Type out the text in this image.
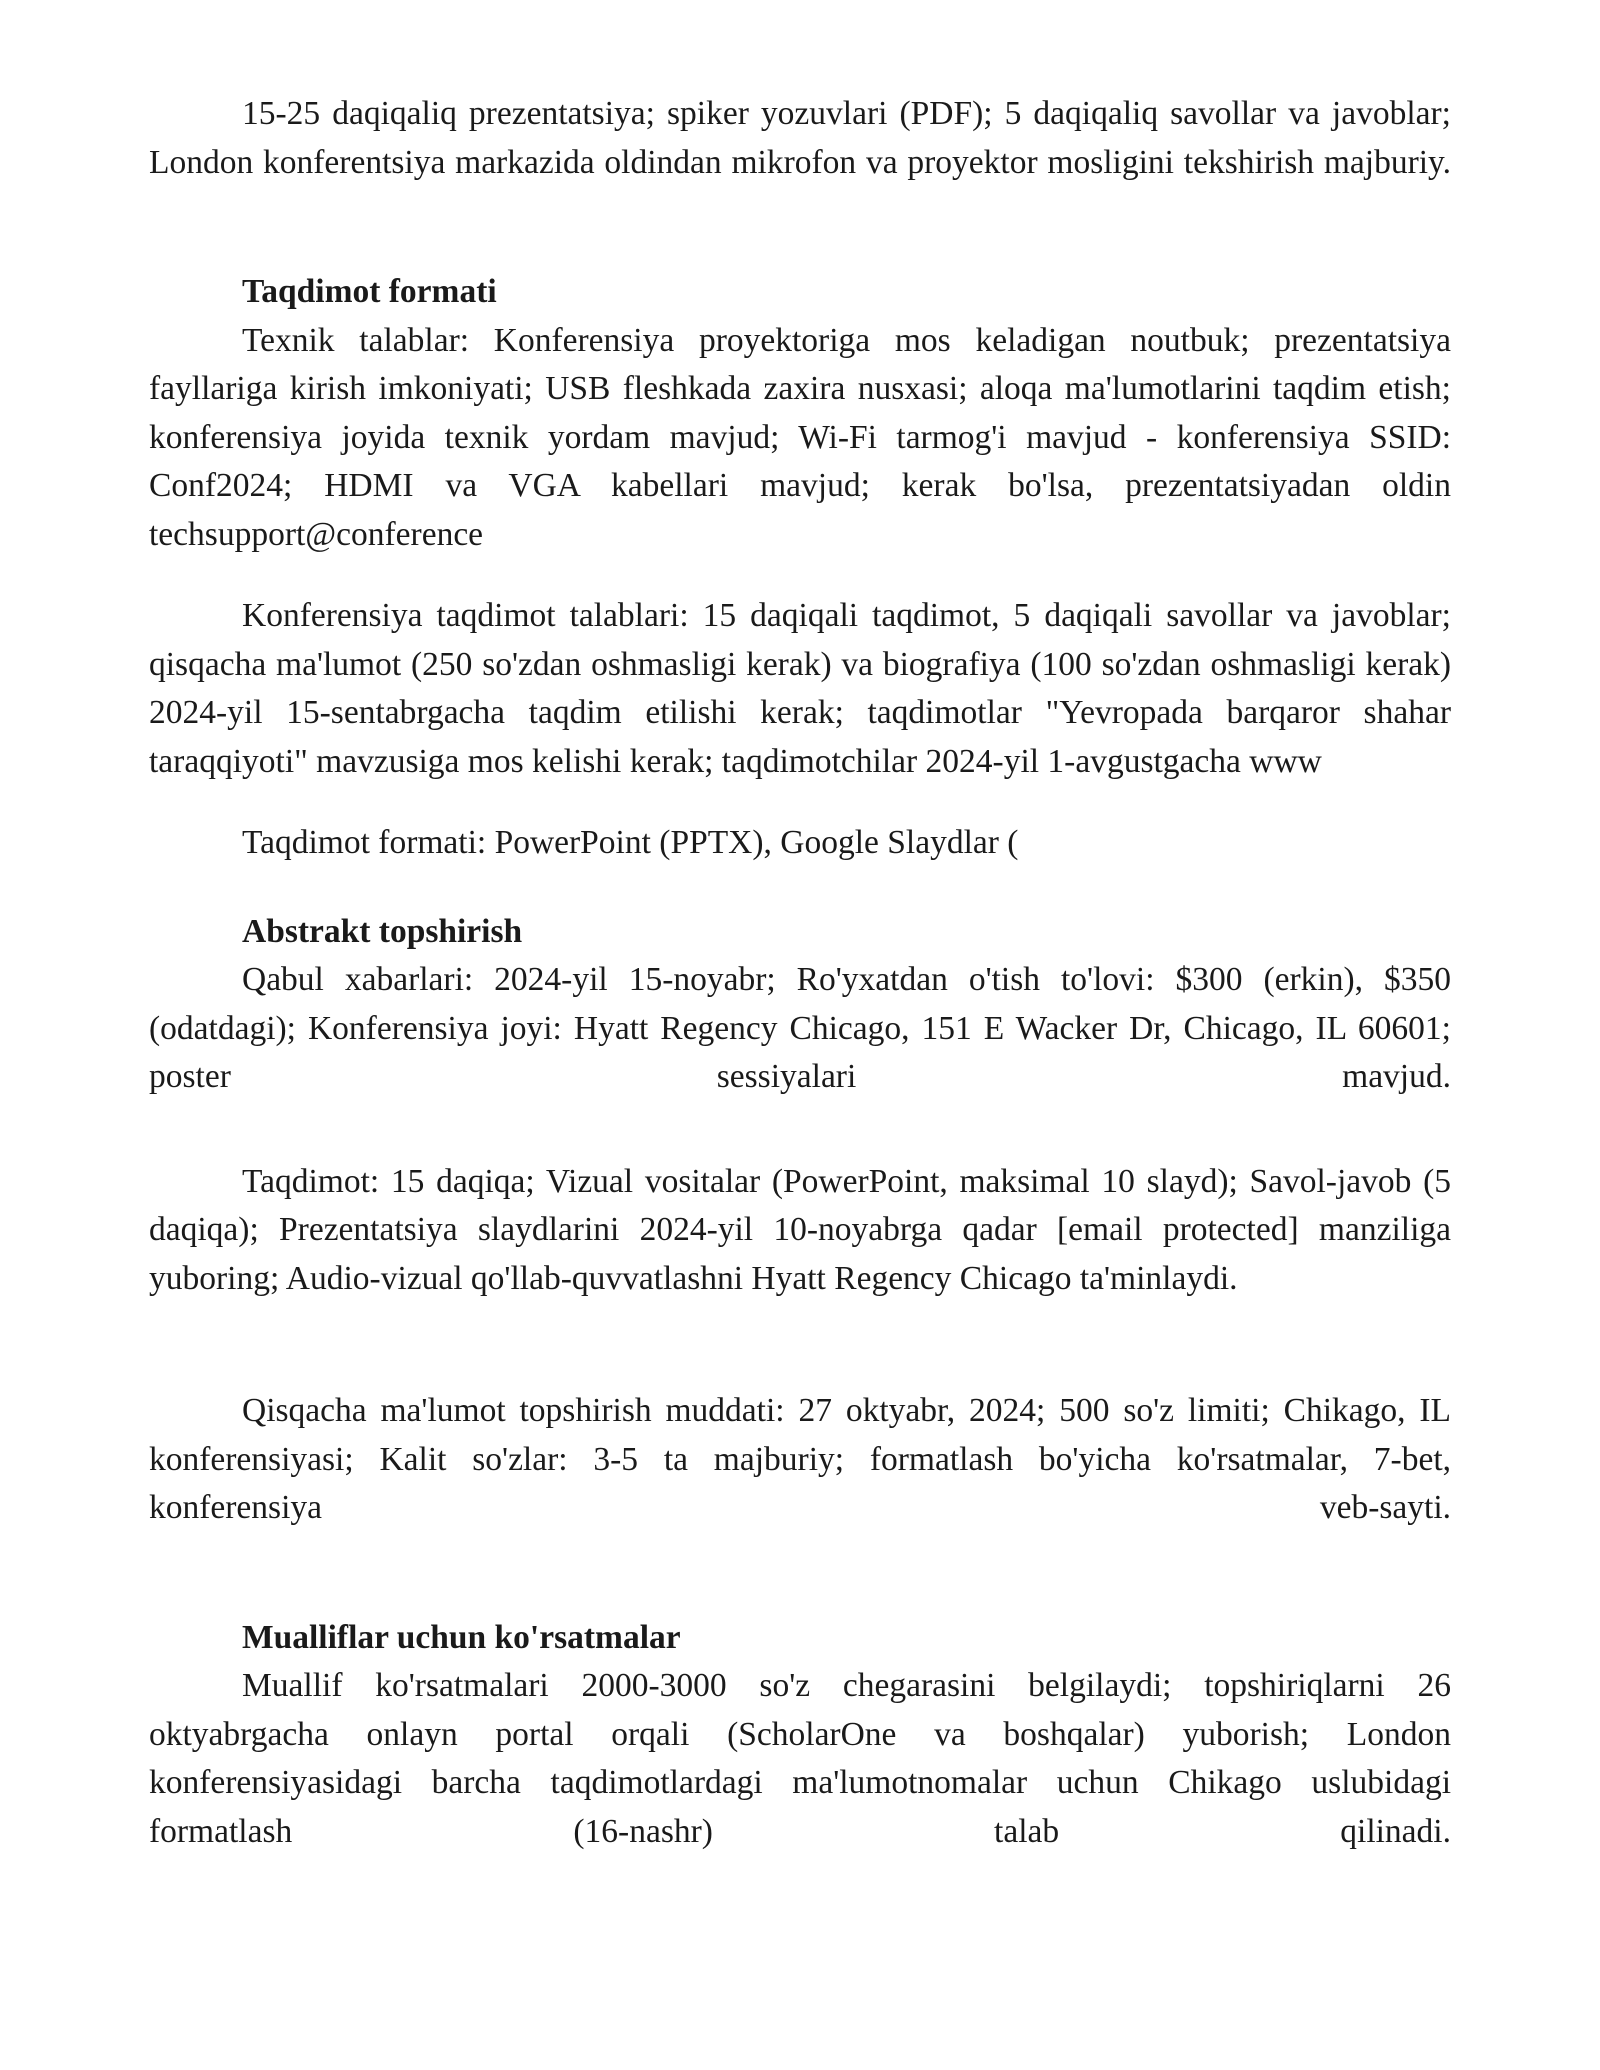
15-25 daqiqaliq prezentatsiya; spiker yozuvlari (PDF); 5 daqiqaliq savollar va javoblar; London konferentsiya markazida oldindan mikrofon va proyektor mosligini tekshirish majburiy.

Taqdimot formati

Texnik talablar: Konferensiya proyektoriga mos keladigan noutbuk; prezentatsiya fayllariga kirish imkoniyati; USB fleshkada zaxira nusxasi; aloqa ma'lumotlarini taqdim etish; konferensiya joyida texnik yordam mavjud; Wi-Fi tarmog'i mavjud - konferensiya SSID: Conf2024; HDMI va VGA kabellari mavjud; kerak bo'lsa, prezentatsiyadan oldin techsupport@conference

Konferensiya taqdimot talablari: 15 daqiqali taqdimot, 5 daqiqali savollar va javoblar; qisqacha ma'lumot (250 so'zdan oshmasligi kerak) va biografiya (100 so'zdan oshmasligi kerak) 2024-yil 15-sentabrgacha taqdim etilishi kerak; taqdimotlar "Yevropada barqaror shahar taraqqiyoti" mavzusiga mos kelishi kerak; taqdimotchilar 2024-yil 1-avgustgacha www

Taqdimot formati: PowerPoint (PPTX), Google Slaydlar (

Abstrakt topshirish

Qabul xabarlari: 2024-yil 15-noyabr; Ro'yxatdan o'tish to'lovi: $300 (erkin), $350 (odatdagi); Konferensiya joyi: Hyatt Regency Chicago, 151 E Wacker Dr, Chicago, IL 60601; poster sessiyalari mavjud.

Taqdimot: 15 daqiqa; Vizual vositalar (PowerPoint, maksimal 10 slayd); Savol-javob (5 daqiqa); Prezentatsiya slaydlarini 2024-yil 10-noyabrga qadar [email protected] manziliga yuboring; Audio-vizual qo'llab-quvvatlashni Hyatt Regency Chicago ta'minlaydi.

Qisqacha ma'lumot topshirish muddati: 27 oktyabr, 2024; 500 so'z limiti; Chikago, IL konferensiyasi; Kalit so'zlar: 3-5 ta majburiy; formatlash bo'yicha ko'rsatmalar, 7-bet, konferensiya veb-sayti.

Mualliflar uchun ko'rsatmalar

Muallif ko'rsatmalari 2000-3000 so'z chegarasini belgilaydi; topshiriqlarni 26 oktyabrgacha onlayn portal orqali (ScholarOne va boshqalar) yuborish; London konferensiyasidagi barcha taqdimotlardagi ma'lumotnomalar uchun Chikago uslubidagi formatlash (16-nashr) talab qilinadi.
